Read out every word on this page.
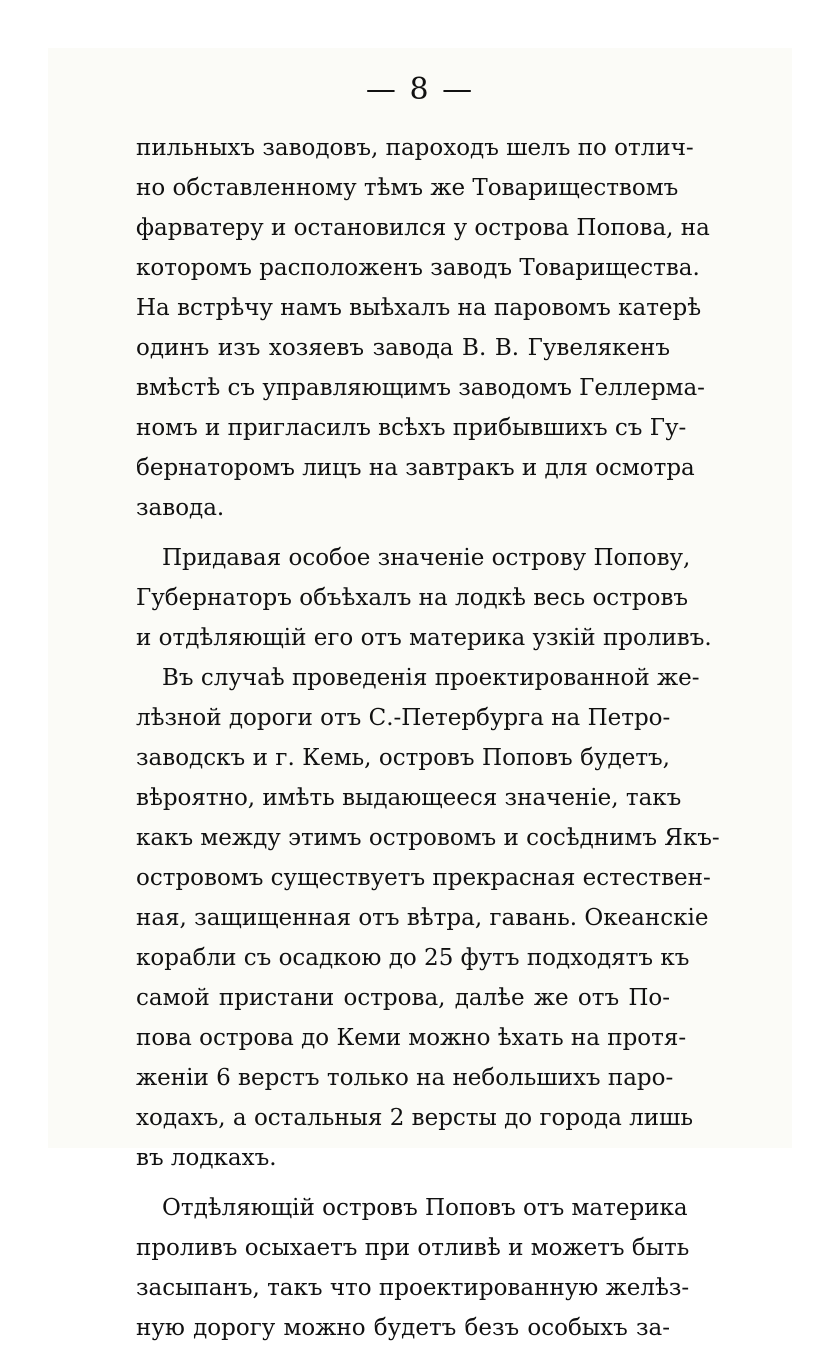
— 8 —
пильныхъ заводовъ, пароходъ шелъ по отлич-
но обставленному тѣмъ же Товариществомъ
фарватеру и остановился у острова Попова, на
которомъ расположенъ заводъ Товарищества.
На встрѣчу намъ выѣхалъ на паровомъ катерѣ
одинъ изъ хозяевъ завода В. В. Гувелякенъ
вмѣстѣ съ управляющимъ заводомъ Геллерма-
номъ и пригласилъ всѣхъ прибывшихъ съ Гу-
бернаторомъ лицъ на завтракъ и для осмотра
завода.
Придавая особое значенiе острову Попову,
Губернаторъ объѣхалъ на лодкѣ весь островъ
и отдѣляющiй его отъ материка узкiй проливъ.
Въ случаѣ проведенiя проектированной же-
лѣзной дороги отъ С.-Петербурга на Петро-
заводскъ и г. Кемь, островъ Поповъ будетъ,
вѣроятно, имѣть выдающееся значенiе, такъ
какъ между этимъ островомъ и сосѣднимъ Якъ-
островомъ существуетъ прекрасная естествен-
ная, защищенная отъ вѣтра, гавань. Океанскiе
корабли съ осадкою до 25 футъ подходятъ къ
самой пристани острова, далѣе же отъ По-
пова острова до Кеми можно ѣхать на протя-
женiи 6 верстъ только на небольшихъ паро-
ходахъ, а остальныя 2 версты до города лишь
въ лодкахъ.
Отдѣляющiй островъ Поповъ отъ материка
проливъ осыхаетъ при отливѣ и можетъ быть
засыпанъ, такъ что проектированную желѣз-
ную дорогу можно будетъ безъ особыхъ за-
